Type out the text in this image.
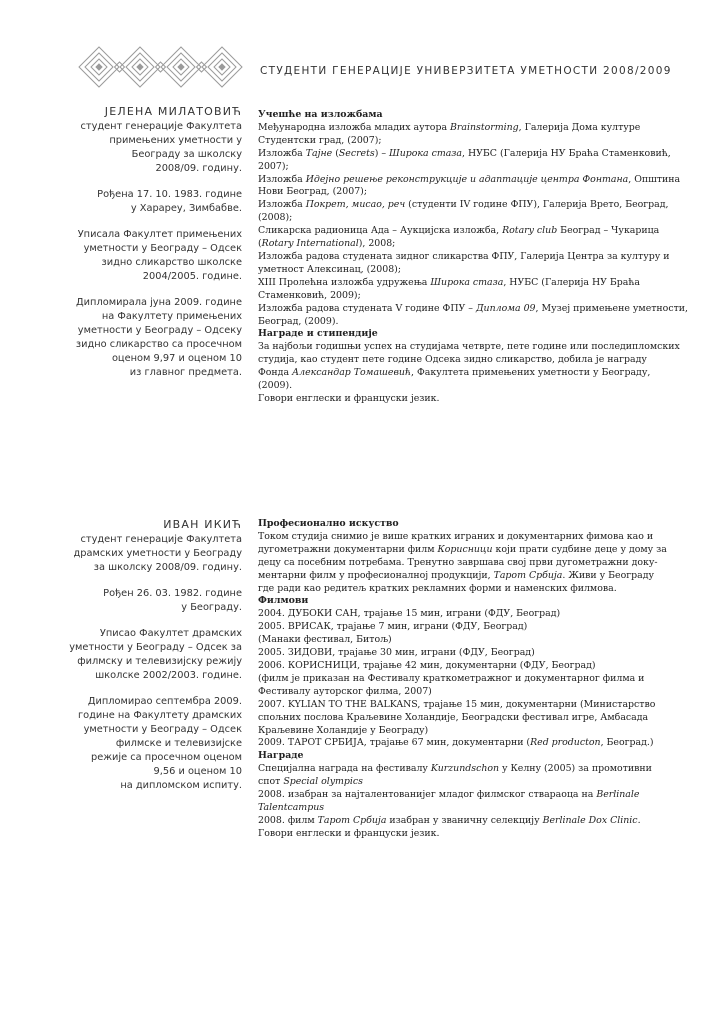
СТУДЕНТИ ГЕНЕРАЦИЈЕ УНИВЕРЗИТЕТА УМЕТНОСТИ 2008/2009
ЈЕЛЕНА МИЛАТОВИЋ
студент генерације Факултета
примењених уметности у
Београду за школску
2008/09. годину.
Рођена 17. 10. 1983. године
у Харареу, Зимбабве.
Уписала Факултет примењених
уметности у Београду – Одсек
зидно сликарство школске
2004/2005. године.
Дипломирала јуна 2009. године
на Факултету примењених
уметности у Београду – Одсеку
зидно сликарство са просечном
оценом 9,97 и оценом 10
из главног предмета.
Учешће на изложбама
Међународна изложба младих аутора Brainstorming, Галерија Дома културе
Студентски град, (2007);
Изложба Тајне (Secrets) – Широка стаза, НУБС (Галерија НУ Браћа Стаменковић,
2007);
Изложба Идејно решење реконструкције и адаптације центра Фонтана, Општина
Нови Београд, (2007);
Изложба Покрет, мисао, реч (студенти IV године ФПУ), Галерија Врето, Београд,
(2008);
Сликарска радионица Ада – Аукцијска изложба, Rotary club Београд – Чукарица
(Rotary International), 2008;
Изложба радова студената зидног сликарства ФПУ, Галерија Центра за културу и
уметност Алексинац, (2008);
XIII Пролећна изложба удружења Широка стаза, НУБС (Галерија НУ Браћа
Стаменковић, 2009);
Изложба радова студената V године ФПУ – Диплома 09, Музеј примењене уметности,
Београд, (2009).
Награде и стипендије
За најбољи годишњи успех на студијама четврте, пете године или последипломских
студија, као студент пете године Одсека зидно сликарство, добила је награду
Фонда Александар Томашевић, Факултета примењених уметности у Београду,
(2009).
Говори енглески и француски језик.
ИВАН ИКИЋ
студент генерације Факултета
драмских уметности у Београду
за школску 2008/09. годину.
Рођен 26. 03. 1982. године
у Београду.
Уписао Факултет драмских
уметности у Београду – Одсек за
филмску и телевизијску режију
школске 2002/2003. године.
Дипломирао септембра 2009.
године на Факултету драмских
уметности у Београду – Одсек
филмске и телевизијске
режије са просечном оценом
9,56 и оценом 10
на дипломском испиту.
Професионално искуство
Током студија снимио је више кратких играних и документарних фимова као и
дугометражни документарни филм Корисници који прати судбине деце у дому за
децу са посебним потребама. Тренутно завршава свој први дугометражни доку-
ментарни филм у професионалној продукцији, Тарот Србија. Живи у Београду
где ради као редитељ кратких рекламних форми и наменских филмова.
Филмови
2004. ДУБОКИ САН, трајање 15 мин, играни (ФДУ, Београд)
2005. ВРИСАК, трајање 7 мин, играни (ФДУ, Београд)
(Манаки фестивал, Битољ)
2005. ЗИДОВИ, трајање 30 мин, играни (ФДУ, Београд)
2006. КОРИСНИЦИ, трајање 42 мин, документарни (ФДУ, Београд)
(филм је приказан на Фестивалу краткометражног и документарног филма и
Фестивалу ауторског филма, 2007)
2007. KYLIAN TO THE BALKANS, трајање 15 мин, документарни (Министарство
спољних послова Краљевине Холандије, Београдски фестивал игре, Амбасада
Краљевине Холандије у Београду)
2009. ТАРОТ СРБИЈА, трајање 67 мин, документарни (Red producton, Београд.)
Награде
Специјална награда на фестивалу Kurzundschon у Келну (2005) за промотивни
спот Special olympics
2008. изабран за најталентованијег младог филмског ствараоца на Berlinale
Talentcampus
2008. филм Тарот Србија изабран у званичну селекцију Berlinale Dox Clinic.
Говори енглески и француски језик.
